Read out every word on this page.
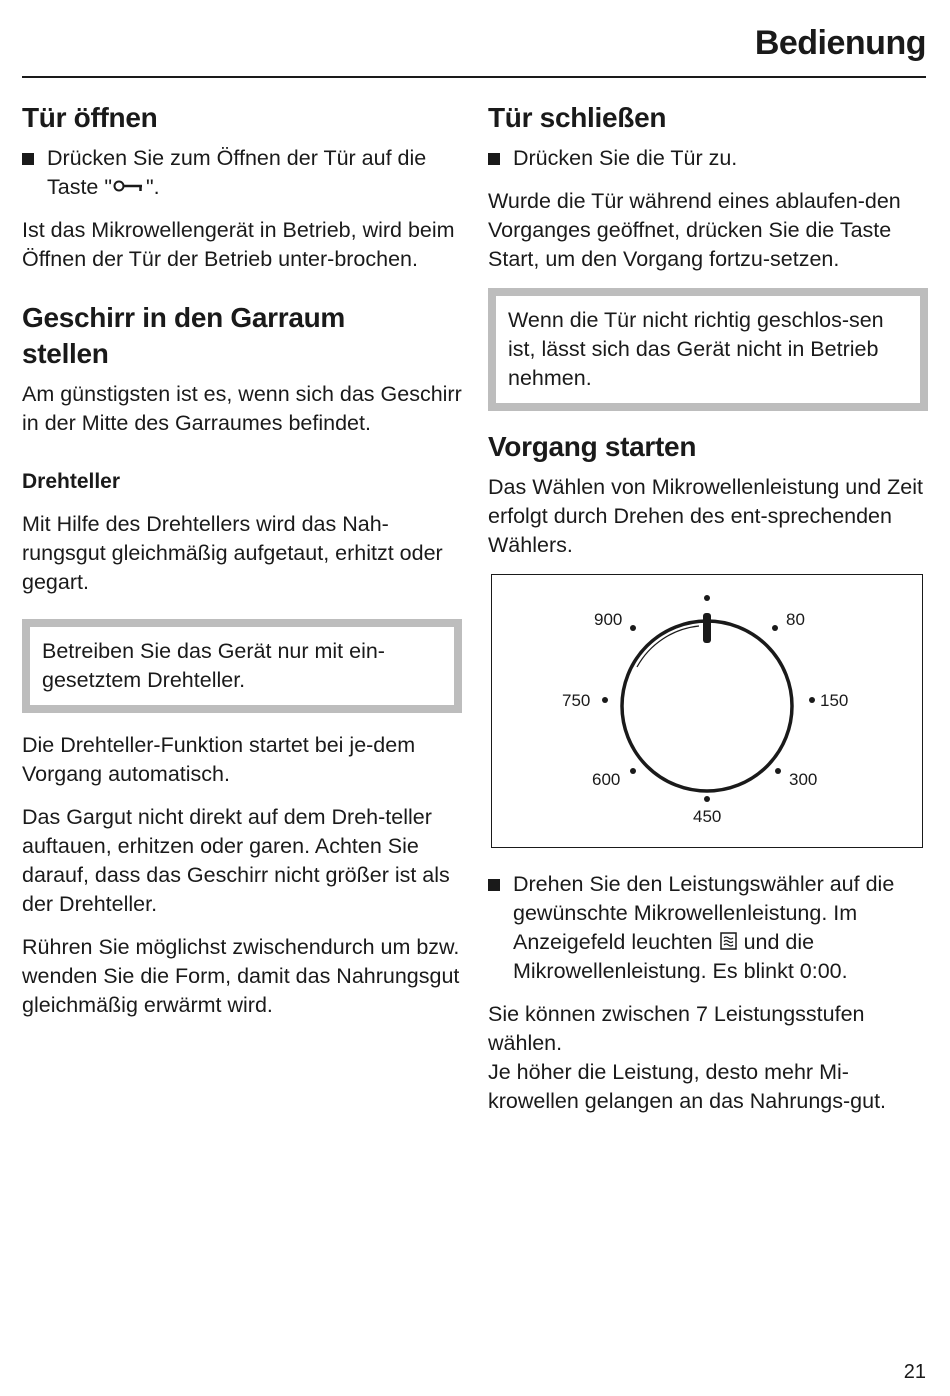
Bedienung
Tür öffnen

Drücken Sie zum Öffnen der Tür auf die Taste " ".

Ist das Mikrowellengerät in Betrieb, wird beim Öffnen der Tür der Betrieb unter-brochen.

Geschirr in den Garraum
stellen

Am günstigsten ist es, wenn sich das Geschirr in der Mitte des Garraumes befindet.

Drehteller

Mit Hilfe des Drehtellers wird das Nah-rungsgut gleichmäßig aufgetaut, erhitzt oder gegart.

Betreiben Sie das Gerät nur mit ein-gesetztem Drehteller.

Die Drehteller-Funktion startet bei je-dem Vorgang automatisch.

Das Gargut nicht direkt auf dem Dreh-teller auftauen, erhitzen oder garen. Achten Sie darauf, dass das Geschirr nicht größer ist als der Drehteller.

Rühren Sie möglichst zwischendurch um bzw. wenden Sie die Form, damit das Nahrungsgut gleichmäßig erwärmt wird.

Tür schließen

Drücken Sie die Tür zu.

Wurde die Tür während eines ablaufen-den Vorganges geöffnet, drücken Sie die Taste Start, um den Vorgang fortzu-setzen.

Wenn die Tür nicht richtig geschlos-sen ist, lässt sich das Gerät nicht in Betrieb nehmen.

Vorgang starten

Das Wählen von Mikrowellenleistung und Zeit erfolgt durch Drehen des ent-sprechenden Wählers.

900	80
750	150
600	300
450

Drehen Sie den Leistungswähler auf die gewünschte Mikrowellenleistung. Im Anzeigefeld leuchten  und die Mikrowellenleistung. Es blinkt 0:00.

Sie können zwischen 7 Leistungsstufen wählen.

Je höher die Leistung, desto mehr Mi-krowellen gelangen an das Nahrungs-gut.

21
